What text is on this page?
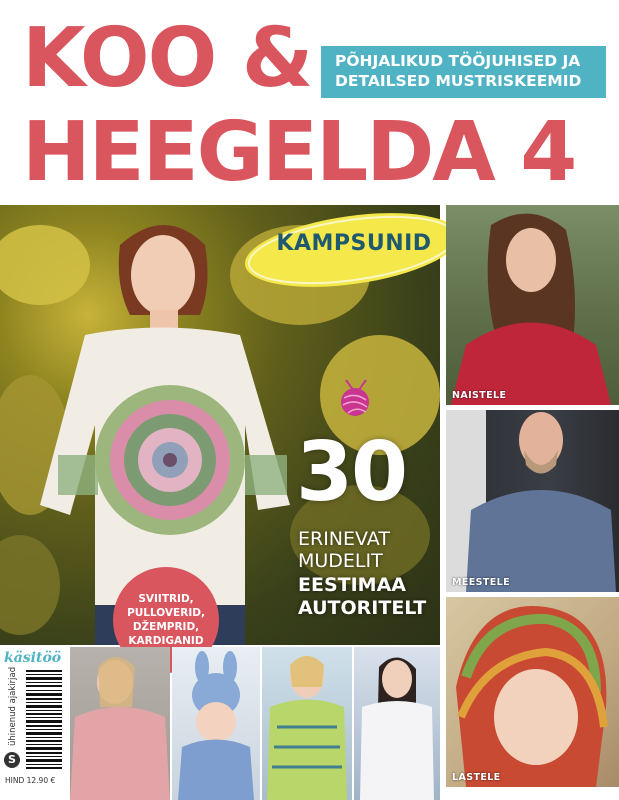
KOO &
HEEGELDA 4
PÕHJALIKUD TÖÖJUHISED JA
DETAILSED MUSTRISKEEMID
KAMPSUNID
30
ERINEVAT
MUDELIT
EESTIMAA
AUTORITELT
SVIITRID,
PULLOVERID,
DŽEMPRID,
KARDIGANID
NAISTELE
MEESTELE
LASTELE
käsitöö
ühinenud ajakirjad
S
HIND 12.90 €
